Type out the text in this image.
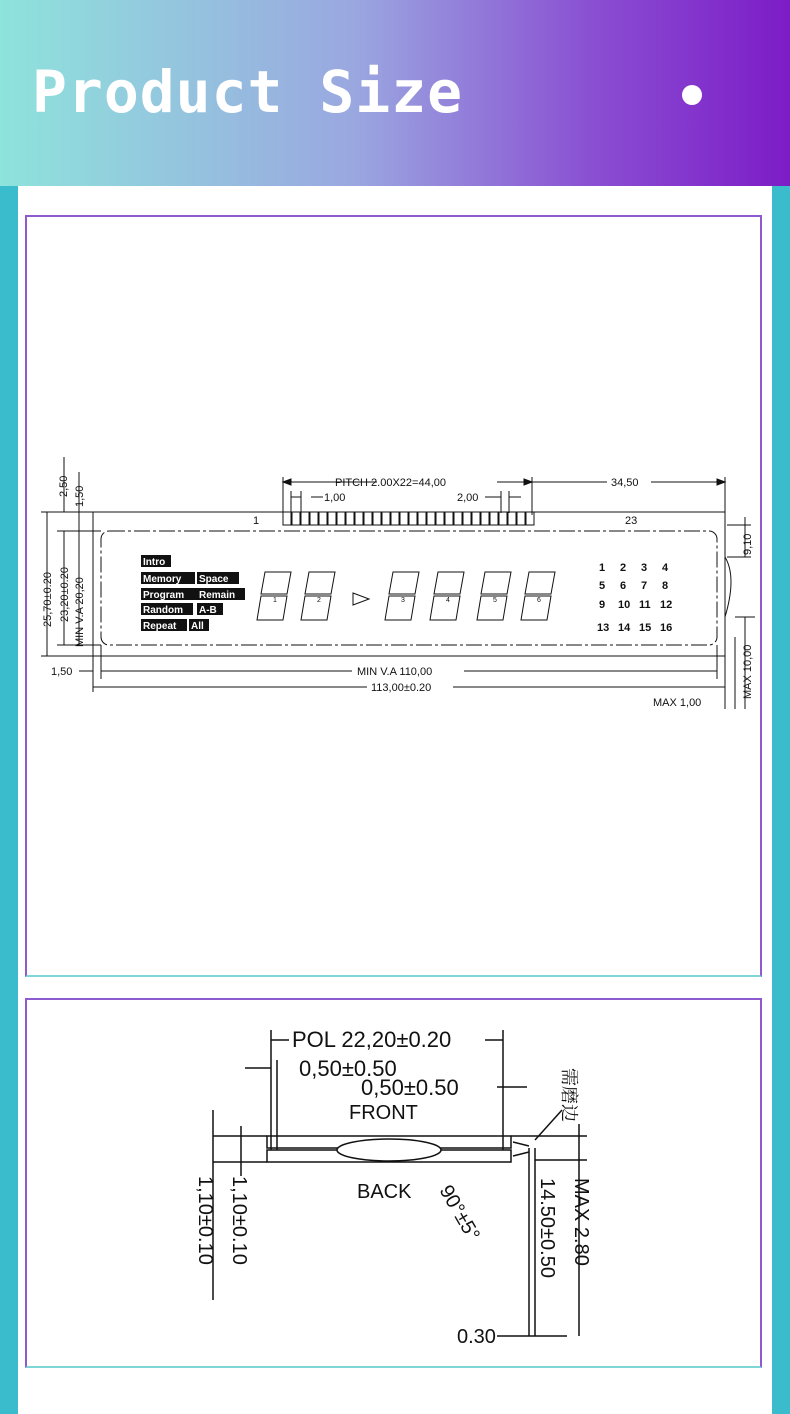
Product Size
PITCH 2.00X22=44,00	34,50
1,00	2,00
1	23
25,70±0.20 23,20±0.20 MIN V.A 20,20
2,50 1,50
1,50	MIN V.A 110,00
113,00±0.20
MAX 1,00
9,10
MAX 10,00
Intro
Memory Space
Program Remain
Random A-B
Repeat All
1	2	3	4	5	6
1 2 3 4
5 6 7 8
9 10 11 12
13 14 15 16
POL 22,20±0.20
0,50±0.50
0,50±0.50
FRONT
BACK 90°±5°
1,10±0.10 1,10±0.10
需磨边
MAX 2.80
14.50±0.50
0.30
